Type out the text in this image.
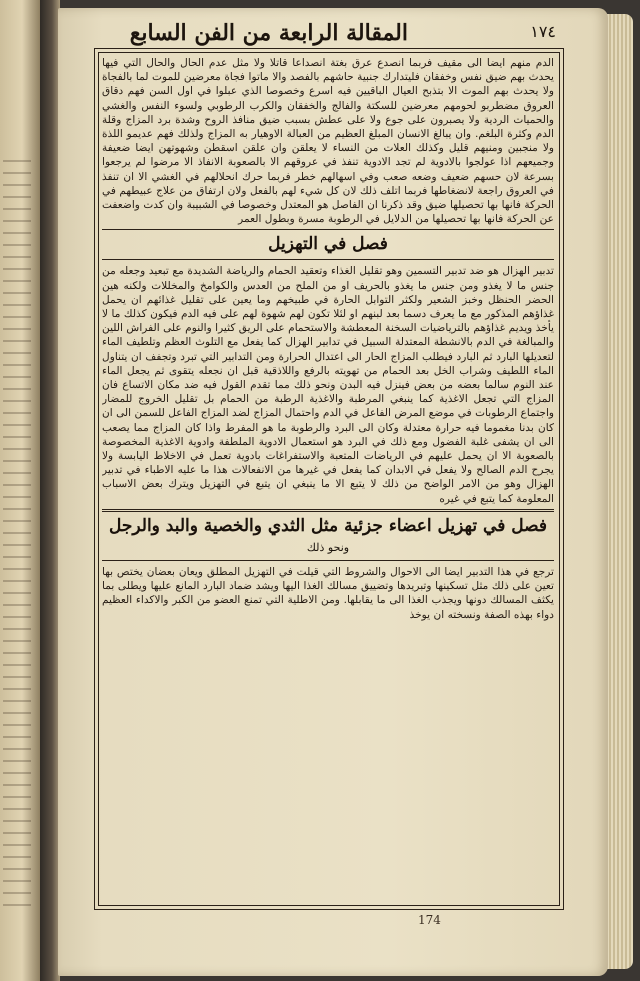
١٧٤
المقالة الرابعة من الفن السابع

الدم منهم ايضا الى مقيف فربما انصدع عرق بغتة انصداعا قاتلا ولا مثل عدم الحال والحال التي فيها يحدث بهم ضيق نفس وخفقان فليتدارك جنبية حاشهم بالفصد والا ماتوا فجاة معرضين للموت لما بالفجاة ولا يحدث بهم الموت الا بتذبح العيال الباقيين فيه اسرع وخصوصا الذي عبلوا في اول السن فهم دقاق العروق مضطربو لحومهم معرضين للسكتة والفالج والخفقان والكرب الرطوبي ولسوء النفس والغشي والحميات الردية ولا يصبرون على جوع ولا على عطش بسبب ضيق منافذ الروح وشدة برد المزاج وقلة الدم وكثرة البلغم. وان يبالغ الانسان المبلغ العظيم من العبالة الاوهيار به المزاج ولذلك فهم عديمو اللذة ولا منجبين ومنيهم قليل وكذلك العلات من النساء لا يعلقن وان علقن اسقطن وشهوتهن ايضا ضعيفة وجميعهم اذا عولجوا بالادوية لم تجد الادوية تنفذ في عروقهم الا بالصعوبة الانفاذ الا مرضوا لم يرجعوا بسرعة لان حسهم ضعيف وضعه صعب وفي اسهالهم خطر فربما حرك انحلالهم في الغشي الا ان تنفذ في العروق راجعة لانضغاطها فربما اتلف ذلك لان كل شيء لهم بالفعل ولان ارتفاق من علاج عبيطهم في الحركة فانها بها تحصيلها ضيق وقد ذكرنا ان الفاصل هو المعتدل وخصوصا في الشبيبة وان كدت واضعفت عن الحركة فانها بها تحصيلها من الدلايل في الرطوبة مسرة وبطول العمر

فصل في التهزيل

تدبير الهزال هو ضد تدبير التسمين وهو تقليل الغذاء وتعقيد الحمام والرياضة الشديدة مع تبعيد وجعله من جنس ما لا يغذو ومن جنس ما يغذو بالحريف او من الملح من العدس والكوامخ والمخللات ولكنه هين الحضر الحنظل وخبز الشعير ولكثر التوابل الحارة في طبيخهم وما يعين على تقليل غذائهم ان يحمل غذاؤهم المذكور مع ما يعرف دسما بعد لبنهم او لئلا تكون لهم شهوة لهم على فيه الدم فيكون كذلك ما لا يأخذ ويديم غذاؤهم بالترياضيات السخنة المعطشة والاستحمام على الريق كثيرا والنوم على الفراش اللين والمبالغة في الدم بالانشطة المعتدلة السبيل في تدابير الهزال كما يفعل مع التلوث العظم وتلطيف الماء لتعديلها البارد ثم البارد فيطلب المزاج الحار الى اعتدال الحرارة ومن التدابير التي تبرد وتجفف ان يتناول الماء اللطيف وشراب الخل بعد الحمام من تهويته بالرفع واللاذقية قبل ان نجعله يتقوى ثم يجعل الماء عند النوم سالما بعضه من بعض فينزل فيه البدن ونحو ذلك مما تقدم القول فيه ضد مكان الاتساع فان المزاج التي تجعل الاغذية كما ينبغي المرطبة والاغذية الرطبة من الحمام بل تقليل الخروج للمضار واجتماع الرطوبات في موضع المرض الفاعل في الدم واحتمال المزاج لضد المزاج الفاعل للسمن الى ان كان بدنا مغموما فيه حرارة معتدلة وكان الى البرد والرطوبة ما هو المفرط واذا كان المزاج مما يصعب الى ان يشفى غلبة الفضول ومع ذلك في البرد هو استعمال الادوية الملطفة وادوية الاغذية المخصوصة بالصعوبة الا ان يحمل عليهم في الرياضات المتعبة والاستفراغات بادوية تعمل في الاخلاط اليابسة ولا يجرح الدم الصالح ولا يفعل في الابدان كما يفعل في غيرها من الانفعالات هذا ما عليه الاطباء في تدبير الهزال وهو من الامر الواضح من ذلك لا يتبع الا ما ينبغي ان يتبع في التهزيل ويترك بعض الاسباب المعلومة كما يتبع في غيره

فصل في تهزيل اعضاء جزئية مثل الثدي والخصية والبد والرجل
ونحو ذلك

ترجع في هذا التدبير ايضا الى الاحوال والشروط التي قيلت في التهزيل المطلق ويعان بعضان يختص بها تعين على ذلك مثل تسكينها وتبريدها وتضييق مسالك الغذا اليها ويشد ضماد البارد المانع عليها ويطلى بما يكثف المسالك دونها ويجذب الغذا الى ما يقابلها. ومن الاطلية التي تمنع العضو من الكبر والاكداء العظيم دواء بهذه الصفة ونسخته ان يوخذ

174
